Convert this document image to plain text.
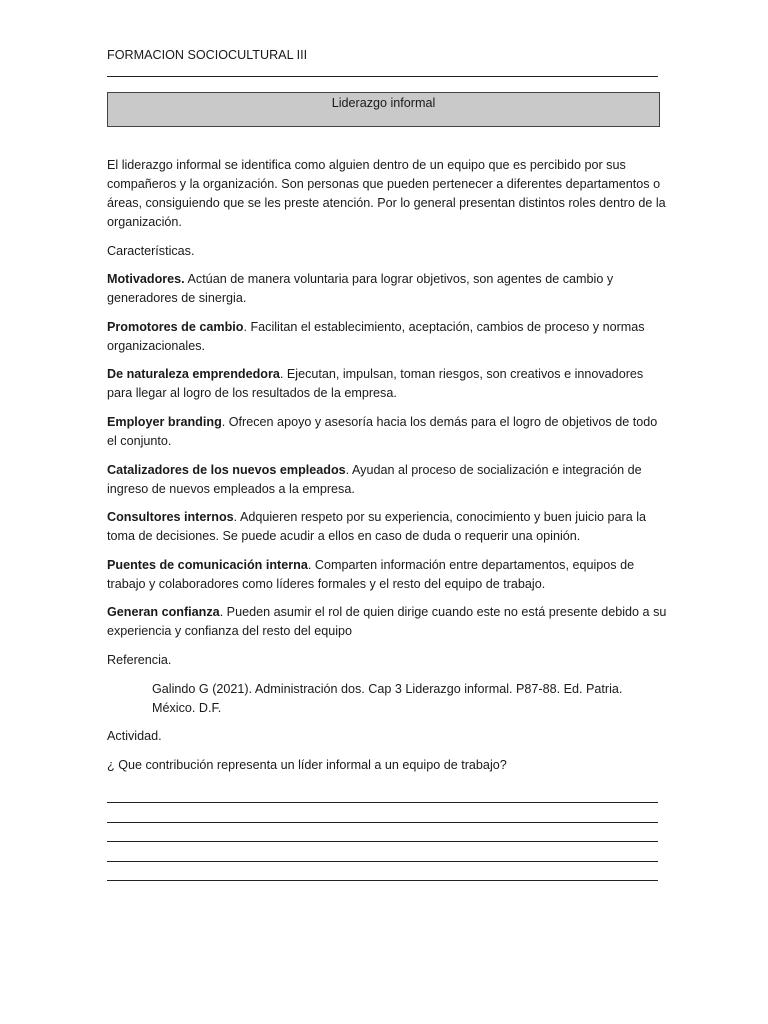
FORMACION SOCIOCULTURAL III
Liderazgo informal

El liderazgo informal se identifica como alguien dentro de un equipo que es percibido por sus compañeros y la organización. Son personas que pueden pertenecer a diferentes departamentos o áreas, consiguiendo que se les preste atención. Por lo general presentan distintos roles dentro de la organización.

Características.

Motivadores. Actúan de manera voluntaria para lograr objetivos, son agentes de cambio y generadores de sinergia.

Promotores de cambio. Facilitan el establecimiento, aceptación, cambios de proceso y normas organizacionales.

De naturaleza emprendedora. Ejecutan, impulsan, toman riesgos, son creativos e innovadores para llegar al logro de los resultados de la empresa.

Employer branding. Ofrecen apoyo y asesoría hacia los demás para el logro de objetivos de todo el conjunto.

Catalizadores de los nuevos empleados. Ayudan al proceso de socialización e integración de ingreso de nuevos empleados a la empresa.

Consultores internos. Adquieren respeto por su experiencia, conocimiento y buen juicio para la toma de decisiones. Se puede acudir a ellos en caso de duda o requerir una opinión.

Puentes de comunicación interna. Comparten información entre departamentos, equipos de trabajo y colaboradores como líderes formales y el resto del equipo de trabajo.

Generan confianza. Pueden asumir el rol de quien dirige cuando este no está presente debido a su experiencia y confianza del resto del equipo

Referencia.

Galindo G (2021). Administración dos. Cap 3 Liderazgo informal. P87-88. Ed. Patria. México. D.F.

Actividad.

¿ Que contribución representa un líder informal a un equipo de trabajo?
